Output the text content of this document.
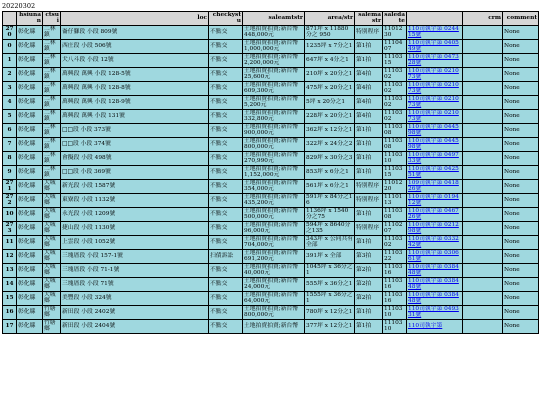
20220302
	hsiunan	ctsui	loc	checkystu	saleamtstr	area/str	salemastr	saledate		crm	comment
270	彰化縣	二林鎮	崙仔腳段 小段 809號	不點交	土地拍賣拍賣;新台幣 448,000元	871坪 x 11880分之 950	特別程序	1101230	110司執宇第 024415號		None
0	彰化縣	二林鎮	西庄段 小段 506號	不點交	土地拍賣拍賣;新台幣 1,000,000元	1235坪 x 7分之1	第1拍	1110407	110司執宇第 040549號		None
1	彰化縣	二林鎮	犬八斗段 小段 12號	不點交	土地拍賣拍賣;新台幣 2,200,000元	647坪 x 4分之1	第1拍	1110315	110司執宇第 047328號		None
2	彰化縣	二林鎮	萬興段 萬興 小段 128-5號	不點交	土地拍賣拍賣;新台幣 25,600元	210坪 x 20分之1	第4拍	1110302	110司執宇第 021073號		None
3	彰化縣	二林鎮	萬興段 萬興 小段 128-8號	不點交	土地拍賣拍賣;新台幣 609,300元	475坪 x 20分之1	第4拍	1110302	110司執宇第 021073號		None
4	彰化縣	二林鎮	萬興段 萬興 小段 128-9號	不點交	土地拍賣拍賣;新台幣 5,200元	5坪 x 20分之1	第4拍	1110302	110司執宇第 021073號		None
5	彰化縣	二林鎮	萬興段 萬興 小段 131號	不點交	土地拍賣拍賣;新台幣 332,800元	228坪 x 20分之1	第4拍	1110302	110司執宇第 021073號		None
6	彰化縣	二林鎮	□□段 小段 373號	不點交	土地拍賣拍賣;新台幣 900,000元	362坪 x 12分之1	第1拍	1110308	110司執宇第 044598號		None
7	彰化縣	二林鎮	□□段 小段 374號	不點交	土地拍賣拍賣;新台幣 800,000元	322坪 x 24分之2	第1拍	1110308	110司執宇第 044598號		None
8	彰化縣	二林鎮	會擬段 小段 498號	不點交	土地拍賣拍賣;新台幣 270,990元	829坪 x 30分之3	第1拍	1110310	110司執宇第 049733號		None
9	彰化縣	二林鎮	□□段 小段 369號	不點交	土地拍賣拍賣;新台幣 1,152,000元	853坪 x 6分之1	第1拍	1110315	110司執宇第 042551號		None
271	彰化縣	大城鄉	新光段 小段 1587號	不點交	土地拍賣拍賣;新台幣 354,000元	561坪 x 6分之1	特別程序	1101220	109司執宇第 041826號		None
272	彰化縣	大城鄉	東寮段 小段 1132號	不點交	土地拍賣拍賣;新台幣 435,200元	591坪 x 84分之16	特別程序	1110113	110司執宇第 019412號		None
10	彰化縣	大城鄉	永光段 小段 1209號	不點交	土地拍賣拍賣;新台幣 500,000元	1136坪 x 1540分之75	第1拍	1110308	110司執宇第 046726號		None
273	彰化縣	大城鄉	捷山段 小段 1130號	不點交	土地拍賣拍賣;新台幣 96,000元	594坪 x 8640分之135	特別程序	1110207	110司執宇第 021298號		None
11	彰化縣	大城鄉	上雲段 小段 1052號	不點交	土地拍賣拍賣;新台幣 704,000元	343坪 x 公同共有全部	第1拍	1110302	110司執宇第 033242號		None
12	彰化縣	大城鄉	三塊厝段 小段 157-1號	扫債訴訟	土地拍賣拍賣;新台幣 691,200元	391坪 x 全部	第3拍	1110322	110司執宇第 030661號		None
13	彰化縣	大城鄉	三塊厝段 小段 71-1號	不點交	土地拍賣拍賣;新台幣 40,000元	1045坪 x 36分之1	第2拍	1110316	110司執宇第 038448號		None
14	彰化縣	大城鄉	三塊厝段 小段 71號	不點交	土地拍賣拍賣;新台幣 24,000元	555坪 x 36分之1	第2拍	1110316	110司執宇第 038448號		None
15	彰化縣	大城鄉	美豐段 小段 324號	不點交	土地拍賣拍賣;新台幣 64,000元	1555坪 x 36分之1	第2拍	1110316	110司執宇第 038448號		None
16	彰化縣	竹塘鄉	新田段 小段 2402號	不點交	土地拍賣拍賣;新台幣 800,000元	780坪 x 12分之1	第1拍	1110310	110司執宇第 049331號		None
17	彰化縣	竹塘鄉	新田段 小段 2404號	不點交	土地拍賣拍賣;新台幣	377坪 x 12分之1	第1拍	1110310	110司執宇第		None
